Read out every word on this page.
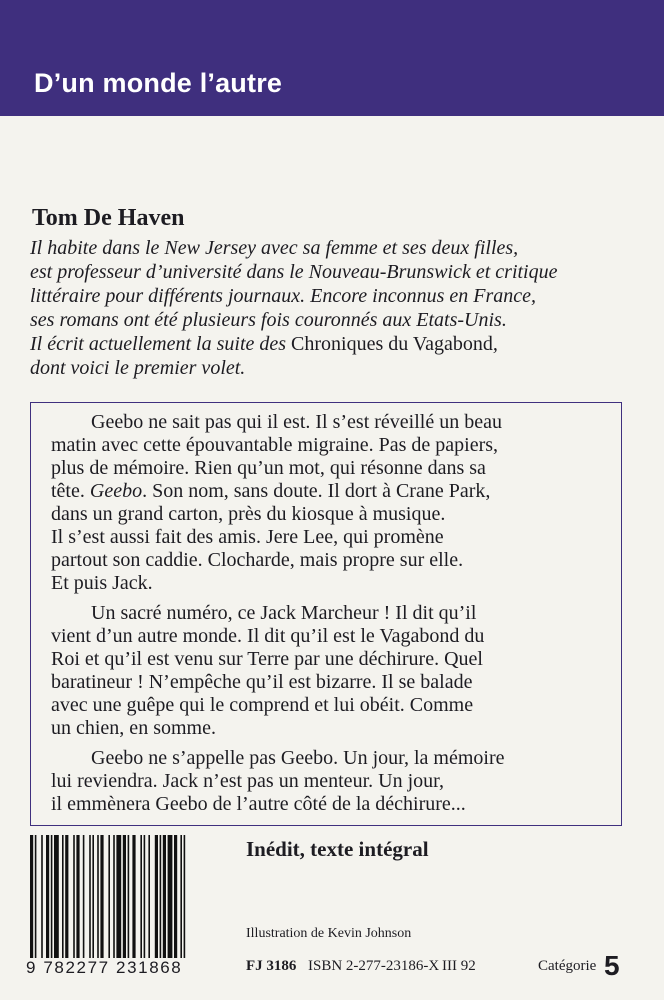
D’un monde l’autre
Tom De Haven
Il habite dans le New Jersey avec sa femme et ses deux filles,
est professeur d’université dans le Nouveau-Brunswick et critique
littéraire pour différents journaux. Encore inconnus en France,
ses romans ont été plusieurs fois couronnés aux Etats-Unis.
Il écrit actuellement la suite des Chroniques du Vagabond,
dont voici le premier volet.

Geebo ne sait pas qui il est. Il s’est réveillé un beau
matin avec cette épouvantable migraine. Pas de papiers,
plus de mémoire. Rien qu’un mot, qui résonne dans sa
tête. Geebo. Son nom, sans doute. Il dort à Crane Park,
dans un grand carton, près du kiosque à musique.
Il s’est aussi fait des amis. Jere Lee, qui promène
partout son caddie. Clocharde, mais propre sur elle.
Et puis Jack.

Un sacré numéro, ce Jack Marcheur ! Il dit qu’il
vient d’un autre monde. Il dit qu’il est le Vagabond du
Roi et qu’il est venu sur Terre par une déchirure. Quel
baratineur ! N’empêche qu’il est bizarre. Il se balade
avec une guêpe qui le comprend et lui obéit. Comme
un chien, en somme.

Geebo ne s’appelle pas Geebo. Un jour, la mémoire
lui reviendra. Jack n’est pas un menteur. Un jour,
il emmènera Geebo de l’autre côté de la déchirure...

9 782277 231868
Inédit, texte intégral
Illustration de Kevin Johnson
FJ 3186 ISBN 2-277-23186-X III 92	Catégorie 5
